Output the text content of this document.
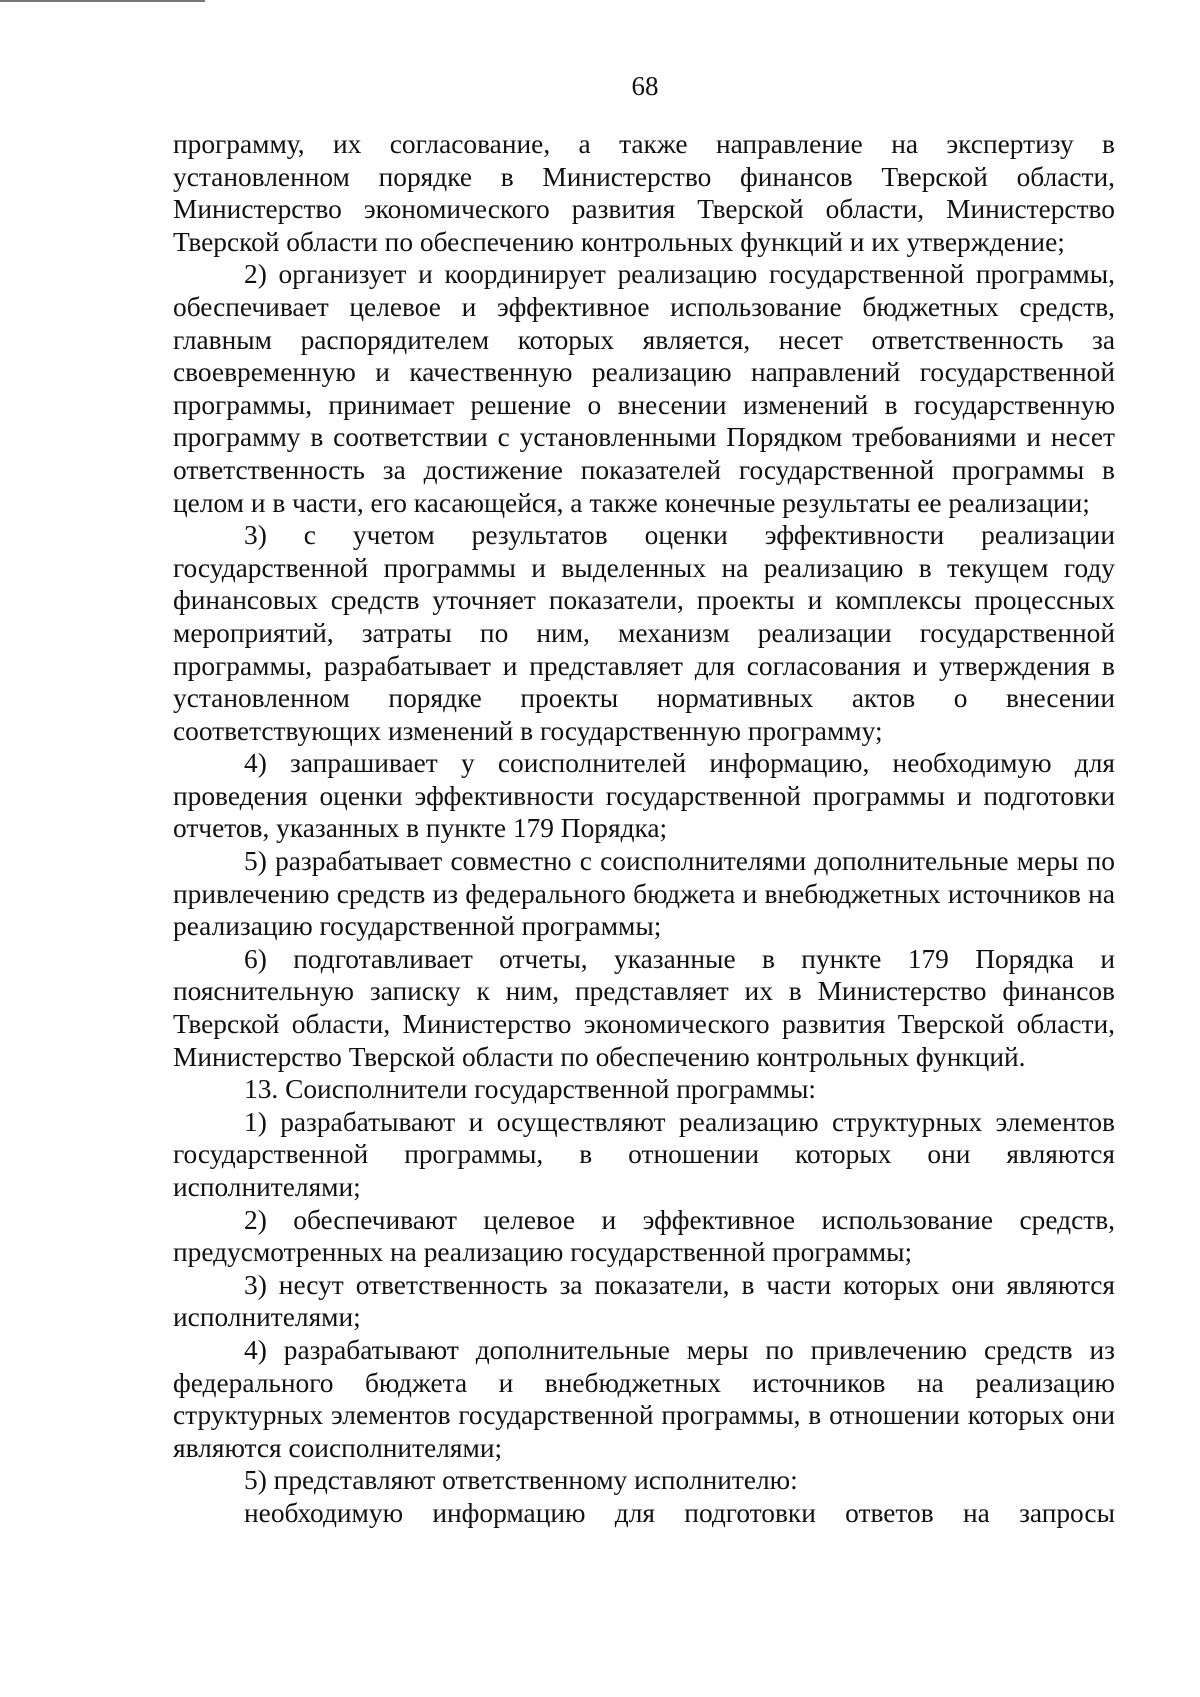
68

программу, их согласование, а также направление на экспертизу в установленном порядке в Министерство финансов Тверской области, Министерство экономического развития Тверской области, Министерство Тверской области по обеспечению контрольных функций и их утверждение;

2) организует и координирует реализацию государственной программы, обеспечивает целевое и эффективное использование бюджетных средств, главным распорядителем которых является, несет ответственность за своевременную и качественную реализацию направлений государственной программы, принимает решение о внесении изменений в государственную программу в соответствии с установленными Порядком требованиями и несет ответственность за достижение показателей государственной программы в целом и в части, его касающейся, а также конечные результаты ее реализации;

3) с учетом результатов оценки эффективности реализации государственной программы и выделенных на реализацию в текущем году финансовых средств уточняет показатели, проекты и комплексы процессных мероприятий, затраты по ним, механизм реализации государственной программы, разрабатывает и представляет для согласования и утверждения в установленном порядке проекты нормативных актов о внесении соответствующих изменений в государственную программу;

4) запрашивает у соисполнителей информацию, необходимую для проведения оценки эффективности государственной программы и подготовки отчетов, указанных в пункте 179 Порядка;

5) разрабатывает совместно с соисполнителями дополнительные меры по привлечению средств из федерального бюджета и внебюджетных источников на реализацию государственной программы;

6) подготавливает отчеты, указанные в пункте 179 Порядка и пояснительную записку к ним, представляет их в Министерство финансов Тверской области, Министерство экономического развития Тверской области, Министерство Тверской области по обеспечению контрольных функций.

13. Соисполнители государственной программы:

1) разрабатывают и осуществляют реализацию структурных элементов государственной программы, в отношении которых они являются исполнителями;

2) обеспечивают целевое и эффективное использование средств, предусмотренных на реализацию государственной программы;

3) несут ответственность за показатели, в части которых они являются исполнителями;

4) разрабатывают дополнительные меры по привлечению средств из федерального бюджета и внебюджетных источников на реализацию структурных элементов государственной программы, в отношении которых они являются соисполнителями;

5) представляют ответственному исполнителю:

необходимую информацию для подготовки ответов на запросы
